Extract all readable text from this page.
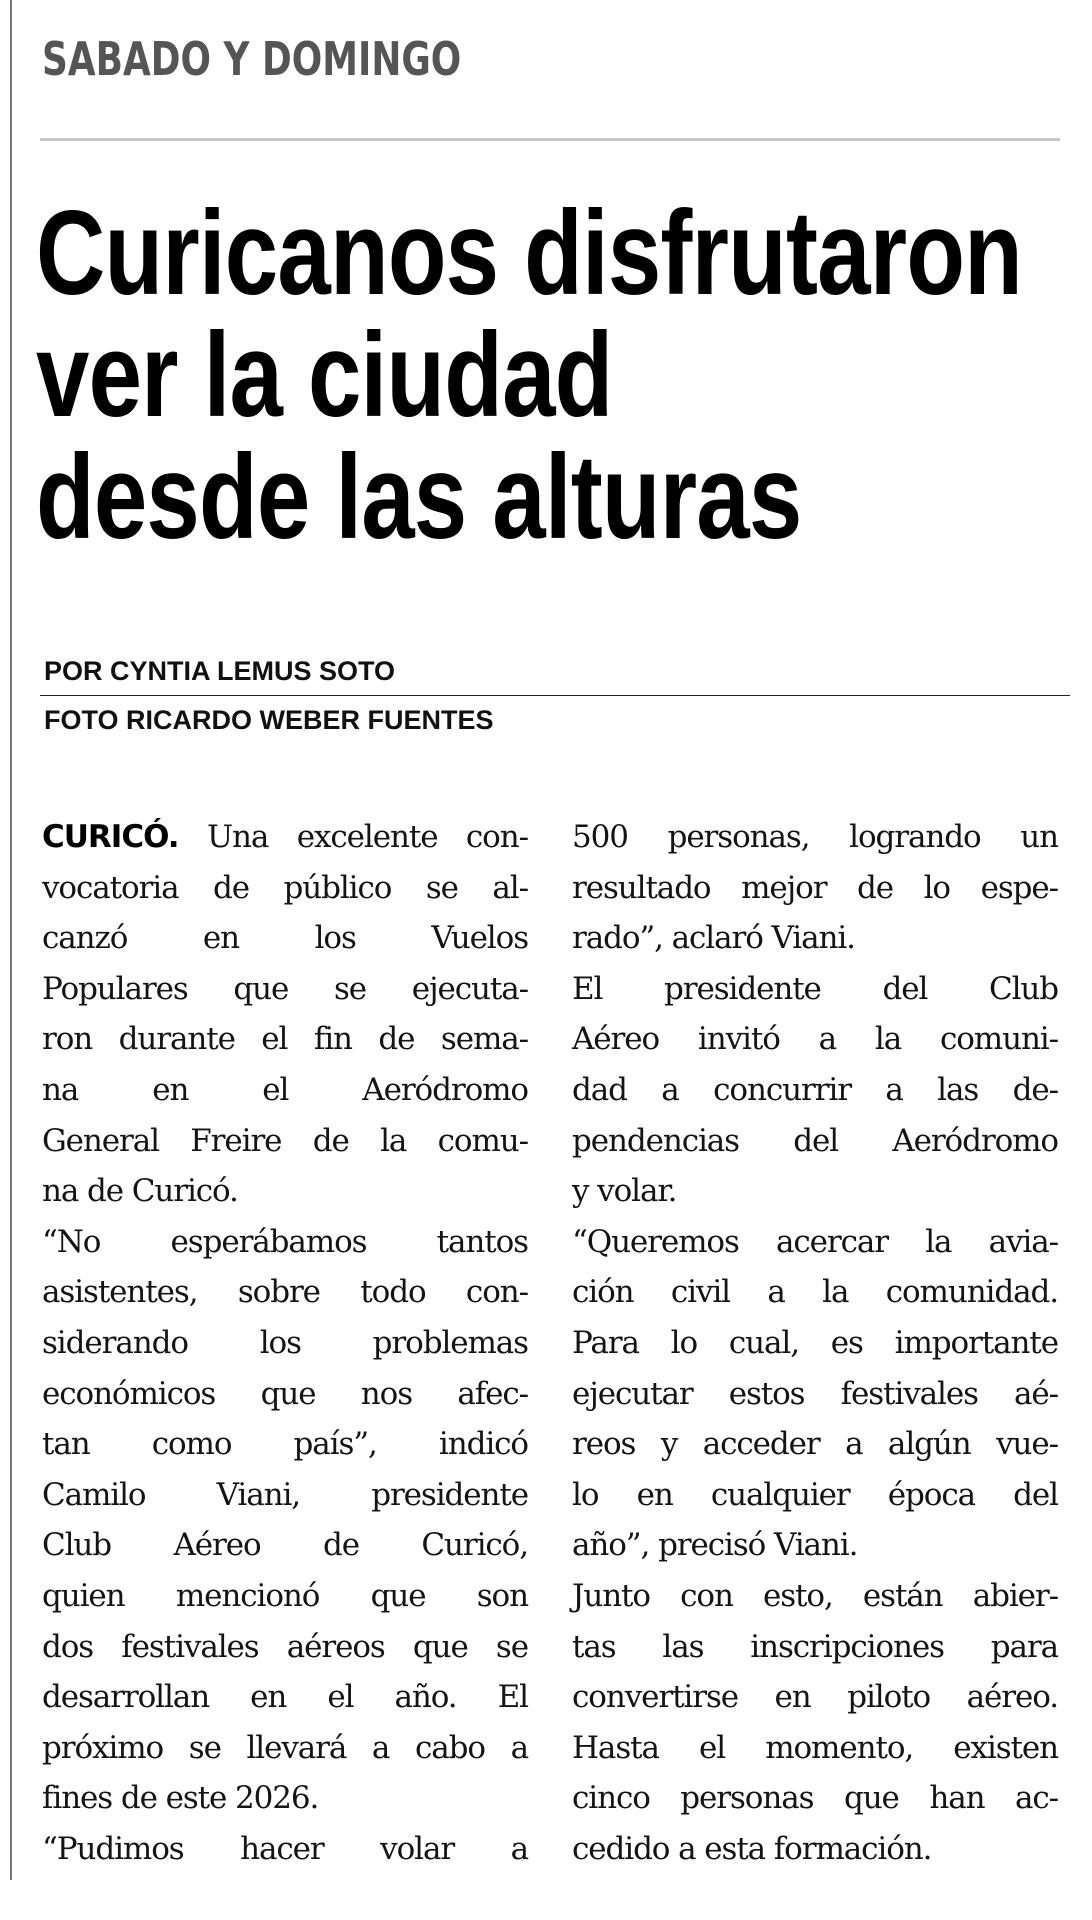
SABADO Y DOMINGO
Curicanos disfrutaron
ver la ciudad
desde las alturas

POR CYNTIA LEMUS SOTO

FOTO RICARDO WEBER FUENTES

CURICÓ. Una excelente con-
vocatoria de público se al-
canzó en los Vuelos
Populares que se ejecuta-
ron durante el fin de sema-
na en el Aeródromo
General Freire de la comu-
na de Curicó.
“No esperábamos tantos
asistentes, sobre todo con-
siderando los problemas
económicos que nos afec-
tan como país”, indicó
Camilo Viani, presidente
Club Aéreo de Curicó,
quien mencionó que son
dos festivales aéreos que se
desarrollan en el año. El
próximo se llevará a cabo a
fines de este 2026.
“Pudimos hacer volar a
500 personas, logrando un
resultado mejor de lo espe-
rado”, aclaró Viani.
El presidente del Club
Aéreo invitó a la comuni-
dad a concurrir a las de-
pendencias del Aeródromo
y volar.
“Queremos acercar la avia-
ción civil a la comunidad.
Para lo cual, es importante
ejecutar estos festivales aé-
reos y acceder a algún vue-
lo en cualquier época del
año”, precisó Viani.
Junto con esto, están abier-
tas las inscripciones para
convertirse en piloto aéreo.
Hasta el momento, existen
cinco personas que han ac-
cedido a esta formación.
